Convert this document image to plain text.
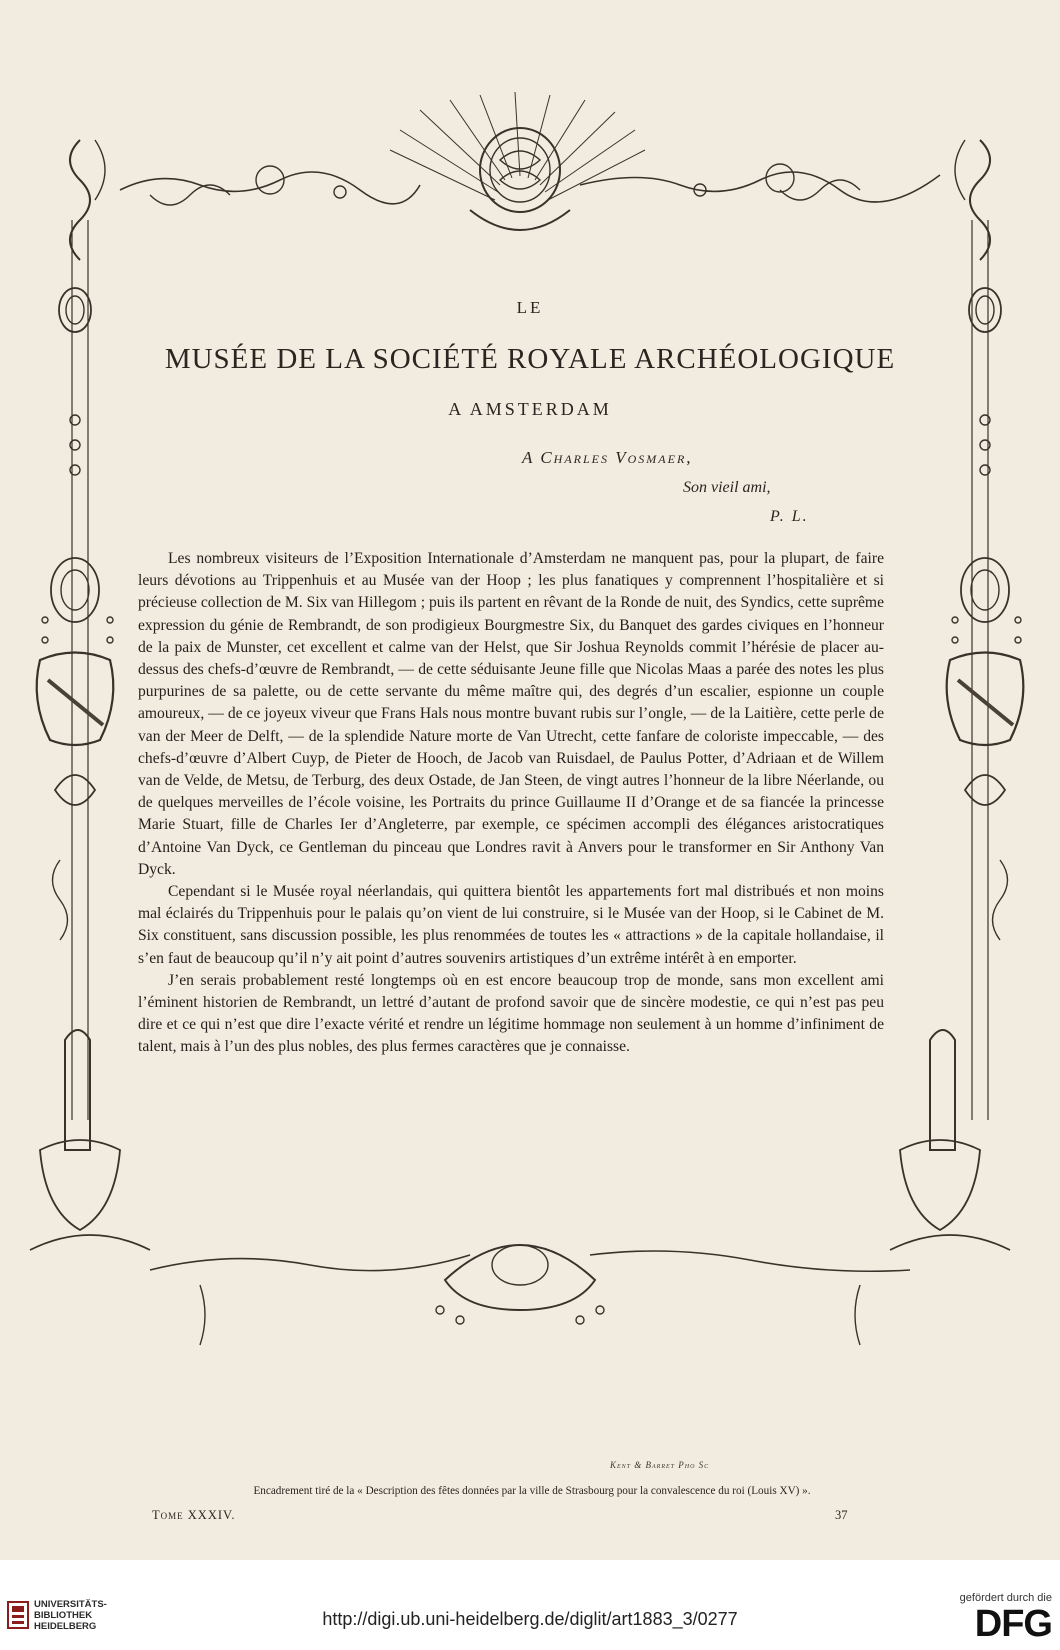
LE
MUSÉE DE LA SOCIÉTÉ ROYALE ARCHÉOLOGIQUE
A AMSTERDAM
A Charles Vosmaer,
Son vieil ami,
P. L.

Les nombreux visiteurs de l’Exposition Internationale d’Amsterdam ne manquent pas, pour la plupart, de faire leurs dévotions au Trippenhuis et au Musée van der Hoop ; les plus fanatiques y comprennent l’hospitalière et si précieuse collection de M. Six van Hillegom ; puis ils partent en rêvant de la Ronde de nuit, des Syndics, cette suprême expression du génie de Rembrandt, de son prodigieux Bourgmestre Six, du Banquet des gardes civiques en l’honneur de la paix de Munster, cet excellent et calme van der Helst, que Sir Joshua Reynolds commit l’hérésie de placer au-dessus des chefs-d’œuvre de Rembrandt, — de cette séduisante Jeune fille que Nicolas Maas a parée des notes les plus purpurines de sa palette, ou de cette servante du même maître qui, des degrés d’un escalier, espionne un couple amoureux, — de ce joyeux viveur que Frans Hals nous montre buvant rubis sur l’ongle, — de la Laitière, cette perle de van der Meer de Delft, — de la splendide Nature morte de Van Utrecht, cette fanfare de coloriste impeccable, — des chefs-d’œuvre d’Albert Cuyp, de Pieter de Hooch, de Jacob van Ruisdael, de Paulus Potter, d’Adriaan et de Willem van de Velde, de Metsu, de Terburg, des deux Ostade, de Jan Steen, de vingt autres l’honneur de la libre Néerlande, ou de quelques merveilles de l’école voisine, les Portraits du prince Guillaume II d’Orange et de sa fiancée la princesse Marie Stuart, fille de Charles Ier d’Angleterre, par exemple, ce spécimen accompli des élégances aristocratiques d’Antoine Van Dyck, ce Gentleman du pinceau que Londres ravit à Anvers pour le transformer en Sir Anthony Van Dyck.

Cependant si le Musée royal néerlandais, qui quittera bientôt les appartements fort mal distribués et non moins mal éclairés du Trippenhuis pour le palais qu’on vient de lui construire, si le Musée van der Hoop, si le Cabinet de M. Six constituent, sans discussion possible, les plus renommées de toutes les « attractions » de la capitale hollandaise, il s’en faut de beaucoup qu’il n’y ait point d’autres souvenirs artistiques d’un extrême intérêt à en emporter.

J’en serais probablement resté longtemps où en est encore beaucoup trop de monde, sans mon excellent ami l’éminent historien de Rembrandt, un lettré d’autant de profond savoir que de sincère modestie, ce qui n’est pas peu dire et ce qui n’est que dire l’exacte vérité et rendre un légitime hommage non seulement à un homme d’infiniment de talent, mais à l’un des plus nobles, des plus fermes caractères que je connaisse.

Kent & Barret Pho Sc
Encadrement tiré de la « Description des fêtes données par la ville de Strasbourg pour la convalescence du roi (Louis XV) ».
Tome XXXIV.	37
UNIVERSITÄTS-
BIBLIOTHEK
HEIDELBERG	http://digi.ub.uni-heidelberg.de/diglit/art1883_3/0277
gefördert durch die
DFG
